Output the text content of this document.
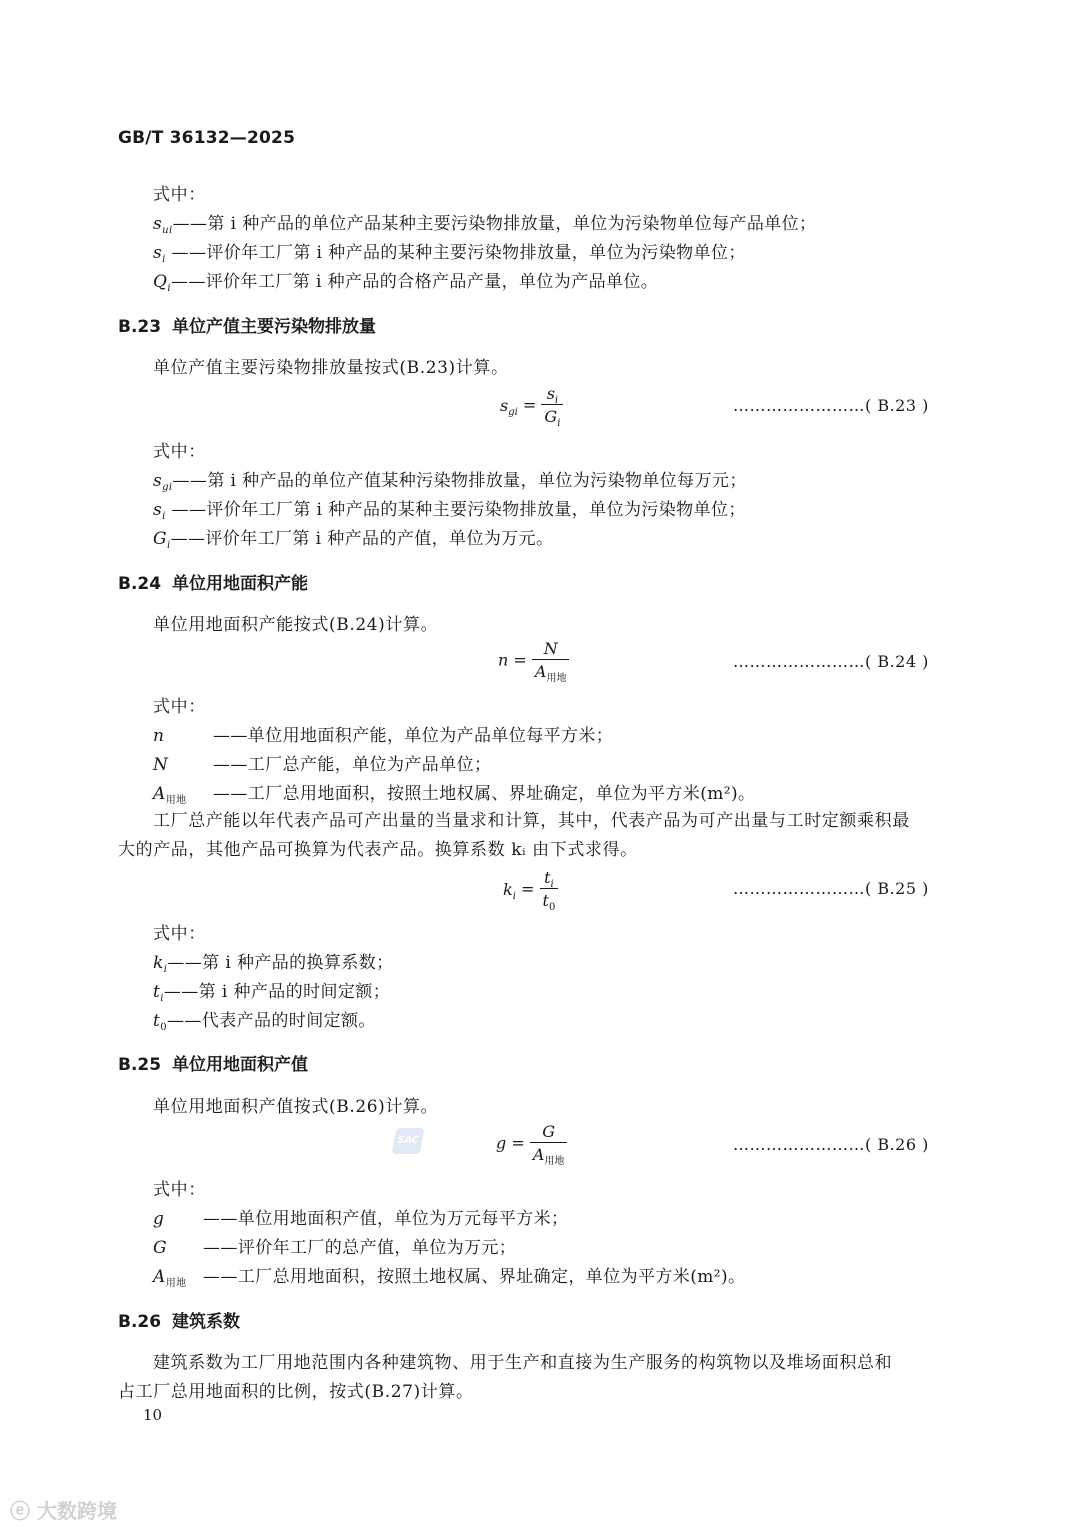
GB/T 36132—2025
式中：
$s_{ui}——$第 i 种产品的单位产品某种主要污染物排放量，单位为污染物单位每产品单位；
$s_i$ ——评价年工厂第 i 种产品的某种主要污染物排放量，单位为污染物单位；
$Q_i——$评价年工厂第 i 种产品的合格产品产量，单位为产品单位。
B.23 单位产值主要污染物排放量
单位产值主要污染物排放量按式(B.23)计算。
$s_{gi} = \frac{s_i}{G_i}$	……………………( B.23 )
式中：
$s_{gi}——$第 i 种产品的单位产值某种污染物排放量，单位为污染物单位每万元；
$s_i$ ——评价年工厂第 i 种产品的某种主要污染物排放量，单位为污染物单位；
$G_i——$评价年工厂第 i 种产品的产值，单位为万元。
B.24 单位用地面积产能
单位用地面积产能按式(B.24)计算。
$n = \frac{N}{A_{用地}}$	……………………( B.24 )
式中：
n	——单位用地面积产能，单位为产品单位每平方米；
N	——工厂总产能，单位为产品单位；
$A_{用地}$ ——工厂总用地面积，按照土地权属、界址确定，单位为平方米(m²)。
工厂总产能以年代表产品可产出量的当量求和计算，其中，代表产品为可产出量与工时定额乘积最
大的产品，其他产品可换算为代表产品。换算系数 kᵢ 由下式求得。
$k_i = \frac{t_i}{t_0}$	……………………( B.25 )
式中：
$k_i——$第 i 种产品的换算系数；
$t_i——$第 i 种产品的时间定额；
$t_0——$代表产品的时间定额。
B.25 单位用地面积产值
单位用地面积产值按式(B.26)计算。
SAC	$g = \frac{G}{A_{用地}}$	……………………( B.26 )
式中：
g ——单位用地面积产值，单位为万元每平方米；
G ——评价年工厂的总产值，单位为万元；
$A_{用地}$ ——工厂总用地面积，按照土地权属、界址确定，单位为平方米(m²)。
B.26 建筑系数
建筑系数为工厂用地范围内各种建筑物、用于生产和直接为生产服务的构筑物以及堆场面积总和
占工厂总用地面积的比例，按式(B.27)计算。
10
ⓔ 大数跨境
